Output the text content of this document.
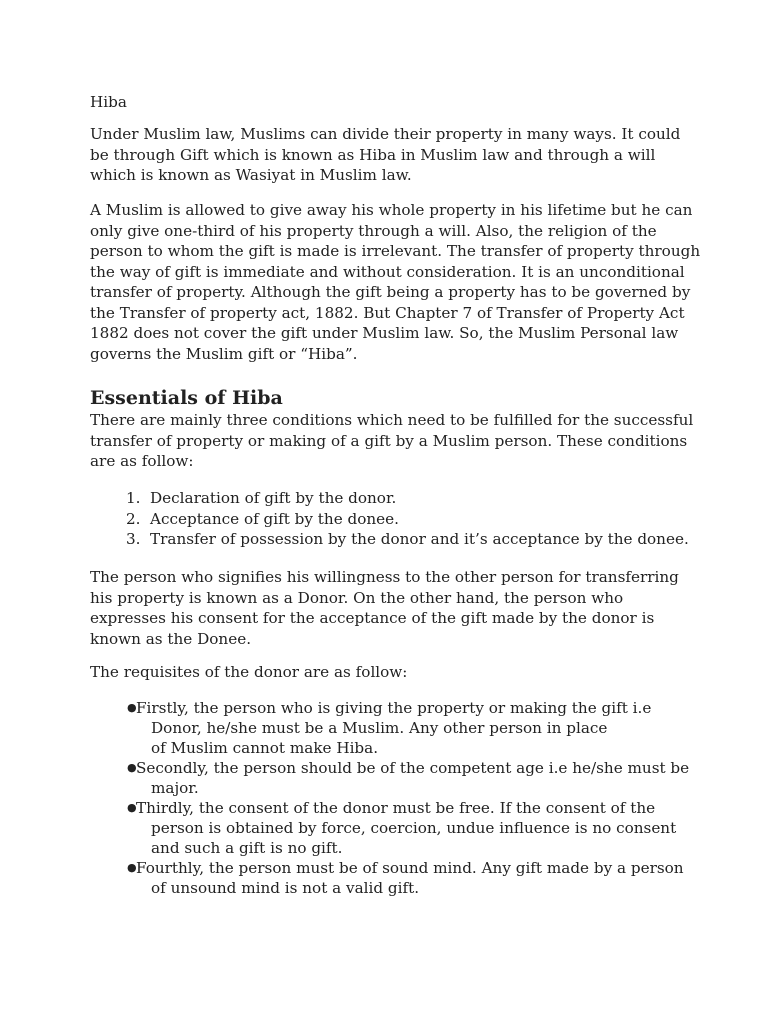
Hiba

Under Muslim law, Muslims can divide their property in many ways. It could
be through Gift which is known as Hiba in Muslim law and through a will
which is known as Wasiyat in Muslim law.

A Muslim is allowed to give away his whole property in his lifetime but he can
only give one-third of his property through a will. Also, the religion of the
person to whom the gift is made is irrelevant. The transfer of property through
the way of gift is immediate and without consideration. It is an unconditional
transfer of property. Although the gift being a property has to be governed by
the Transfer of property act, 1882. But Chapter 7 of Transfer of Property Act
1882 does not cover the gift under Muslim law. So, the Muslim Personal law
governs the Muslim gift or “Hiba”.

Essentials of Hiba

There are mainly three conditions which need to be fulfilled for the successful
transfer of property or making of a gift by a Muslim person. These conditions
are as follow:

1. Declaration of gift by the donor.
2. Acceptance of gift by the donee.
3. Transfer of possession by the donor and it’s acceptance by the donee.

The person who signifies his willingness to the other person for transferring
his property is known as a Donor. On the other hand, the person who
expresses his consent for the acceptance of the gift made by the donor is
known as the Donee.

The requisites of the donor are as follow:

● Firstly, the person who is giving the property or making the gift i.e
Donor, he/she must be a Muslim. Any other person in place
of Muslim cannot make Hiba.
● Secondly, the person should be of the competent age i.e he/she must be
major.
● Thirdly, the consent of the donor must be free. If the consent of the
person is obtained by force, coercion, undue influence is no consent
and such a gift is no gift.
● Fourthly, the person must be of sound mind. Any gift made by a person
of unsound mind is not a valid gift.
